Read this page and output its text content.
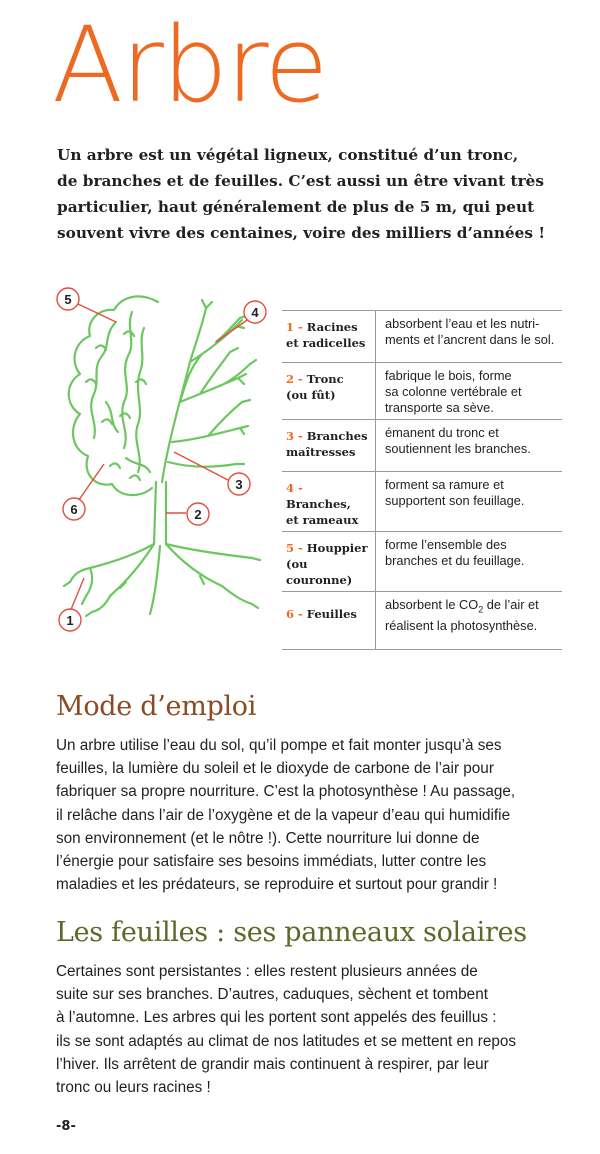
Arbre
Un arbre est un végétal ligneux, constitué d’un tronc,
de branches et de feuilles. C’est aussi un être vivant très
particulier, haut généralement de plus de 5 m, qui peut
souvent vivre des centaines, voire des milliers d’années !
5
4
3
2
6
1
1 - Racines
et radicelles	absorbent l’eau et les nutri-
ments et l’ancrent dans le sol.
2 - Tronc
(ou fût)	fabrique le bois, forme
sa colonne vertébrale et
transporte sa sève.
3 - Branches
maîtresses	émanent du tronc et
soutiennent les branches.
4 - Branches,
et rameaux	forment sa ramure et
supportent son feuillage.
5 - Houppier
(ou couronne)	forme l’ensemble des
branches et du feuillage.
6 - Feuilles	absorbent le $CO_2$ de l’air et
réalisent la photosynthèse.
Mode d’emploi
Un arbre utilise l’eau du sol, qu’il pompe et fait monter jusqu’à ses
feuilles, la lumière du soleil et le dioxyde de carbone de l’air pour
fabriquer sa propre nourriture. C’est la photosynthèse ! Au passage,
il relâche dans l’air de l’oxygène et de la vapeur d’eau qui humidifie
son environnement (et le nôtre !). Cette nourriture lui donne de
l’énergie pour satisfaire ses besoins immédiats, lutter contre les
maladies et les prédateurs, se reproduire et surtout pour grandir !
Les feuilles : ses panneaux solaires
Certaines sont persistantes : elles restent plusieurs années de
suite sur ses branches. D’autres, caduques, sèchent et tombent
à l’automne. Les arbres qui les portent sont appelés des feuillus :
ils se sont adaptés au climat de nos latitudes et se mettent en repos
l’hiver. Ils arrêtent de grandir mais continuent à respirer, par leur
tronc ou leurs racines !
-8-
